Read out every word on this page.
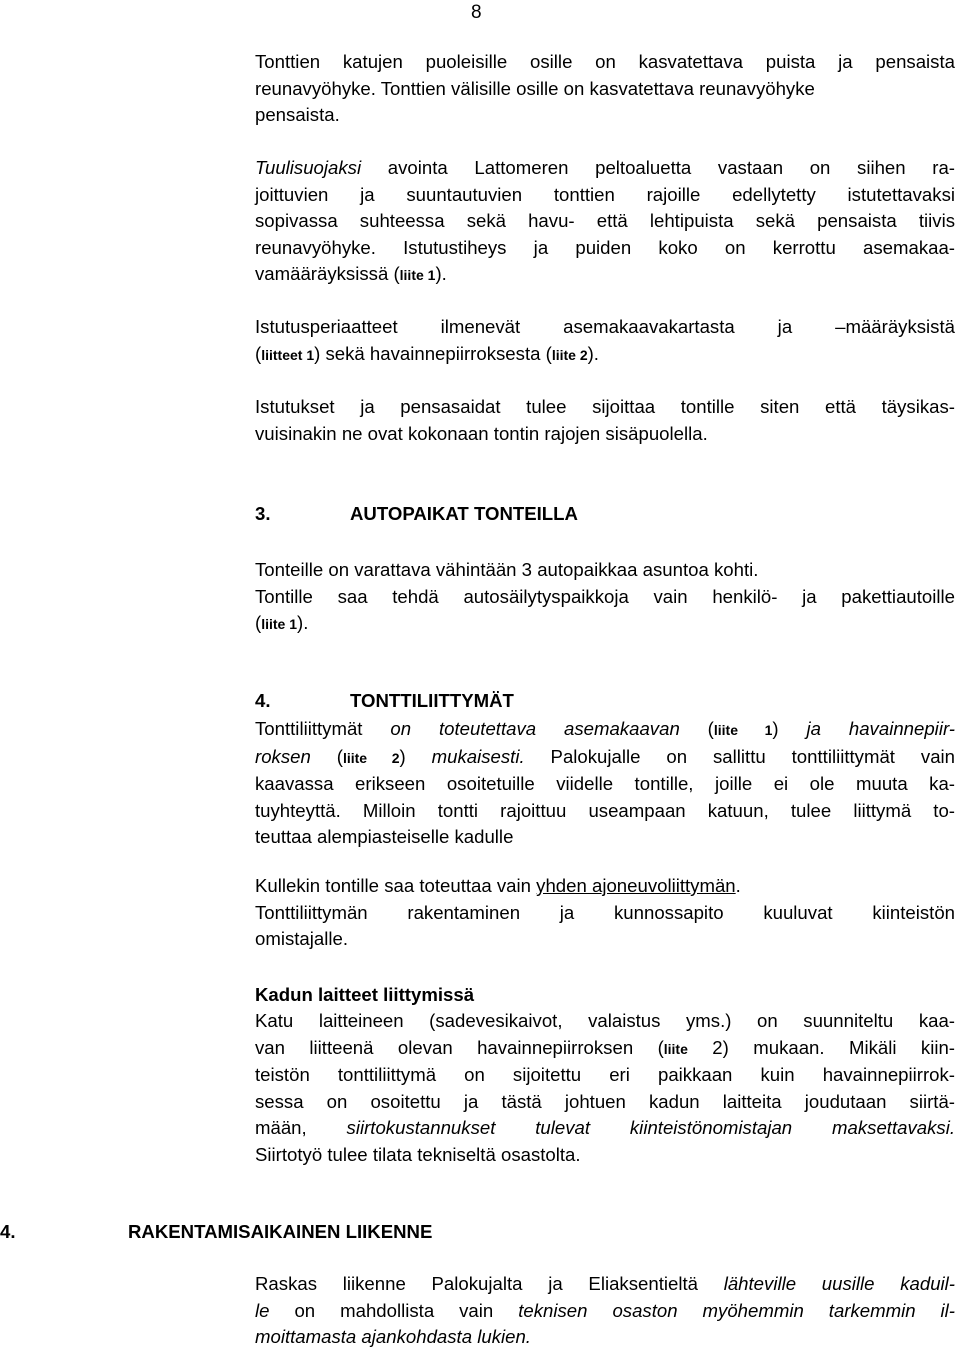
8
Tonttien katujen puoleisille osille on kasvatettava puista ja pensaista
reunavyöhyke. Tonttien välisille osille on kasvatettava reunavyöhyke
pensaista.
Tuulisuojaksi avointa Lattomeren peltoaluetta vastaan on siihen ra-
joittuvien ja suuntautuvien tonttien rajoille edellytetty istutettavaksi
sopivassa suhteessa sekä havu- että lehtipuista sekä pensaista tiivis
reunavyöhyke. Istutustiheys ja puiden koko on kerrottu asemakaa-
vamääräyksissä (liite 1).
Istutusperiaatteet ilmenevät asemakaavakartasta ja –määräyksistä
(liitteet 1) sekä havainnepiirroksesta (liite 2).
Istutukset ja pensasaidat tulee sijoittaa tontille siten että täysikas-
vuisinakin ne ovat kokonaan tontin rajojen sisäpuolella.
3.	AUTOPAIKAT TONTEILLA
Tonteille on varattava vähintään 3 autopaikkaa asuntoa kohti.
Tontille saa tehdä autosäilytyspaikkoja vain henkilö- ja pakettiautoille
(liite 1).
4.	TONTTILIITTYMÄT
Tonttiliittymät on toteutettava asemakaavan (liite 1) ja havainnepiir-
roksen (liite 2) mukaisesti. Palokujalle on sallittu tonttiliittymät vain
kaavassa erikseen osoitetuille viidelle tontille, joille ei ole muuta ka-
tuyhteyttä. Milloin tontti rajoittuu useampaan katuun, tulee liittymä to-
teuttaa alempiasteiselle kadulle
Kullekin tontille saa toteuttaa vain yhden ajoneuvoliittymän.
Tonttiliittymän rakentaminen ja kunnossapito kuuluvat kiinteistön
omistajalle.
Kadun laitteet liittymissä
Katu laitteineen (sadevesikaivot, valaistus yms.) on suunniteltu kaa-
van liitteenä olevan havainnepiirroksen (liite 2) mukaan. Mikäli kiin-
teistön tonttiliittymä on sijoitettu eri paikkaan kuin havainnepiirrok-
sessa on osoitettu ja tästä johtuen kadun laitteita joudutaan siirtä-
mään, siirtokustannukset tulevat kiinteistönomistajan maksettavaksi.
Siirtotyö tulee tilata tekniseltä osastolta.
4.	RAKENTAMISAIKAINEN LIIKENNE
Raskas liikenne Palokujalta ja Eliaksentieltä lähteville uusille kaduil-
le on mahdollista vain teknisen osaston myöhemmin tarkemmin il-
moittamasta ajankohdasta lukien.
